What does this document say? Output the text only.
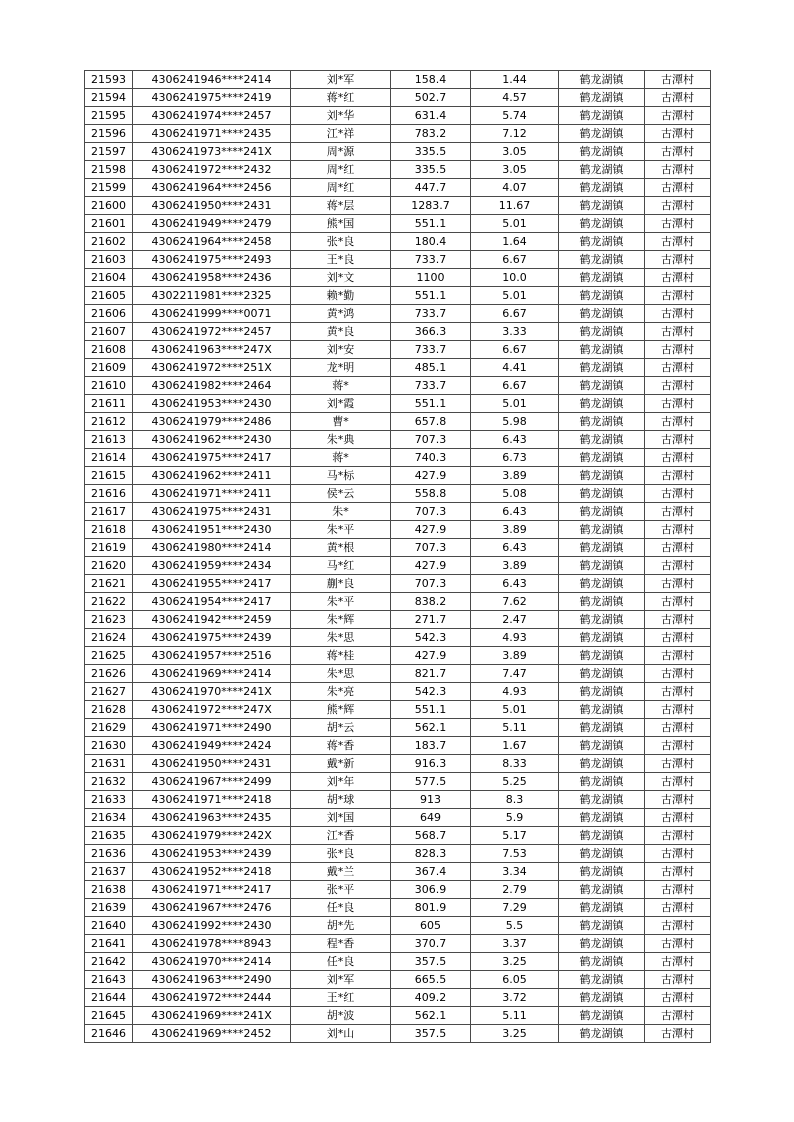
21593	4306241946****2414	刘*军	158.4	1.44	鹤龙湖镇	古潭村
21594	4306241975****2419	蒋*红	502.7	4.57	鹤龙湖镇	古潭村
21595	4306241974****2457	刘*华	631.4	5.74	鹤龙湖镇	古潭村
21596	4306241971****2435	江*祥	783.2	7.12	鹤龙湖镇	古潭村
21597	4306241973****241X	周*源	335.5	3.05	鹤龙湖镇	古潭村
21598	4306241972****2432	周*红	335.5	3.05	鹤龙湖镇	古潭村
21599	4306241964****2456	周*红	447.7	4.07	鹤龙湖镇	古潭村
21600	4306241950****2431	蒋*层	1283.7	11.67	鹤龙湖镇	古潭村
21601	4306241949****2479	熊*国	551.1	5.01	鹤龙湖镇	古潭村
21602	4306241964****2458	张*良	180.4	1.64	鹤龙湖镇	古潭村
21603	4306241975****2493	王*良	733.7	6.67	鹤龙湖镇	古潭村
21604	4306241958****2436	刘*文	1100	10.0	鹤龙湖镇	古潭村
21605	4302211981****2325	赖*勤	551.1	5.01	鹤龙湖镇	古潭村
21606	4306241999****0071	黄*鸿	733.7	6.67	鹤龙湖镇	古潭村
21607	4306241972****2457	黄*良	366.3	3.33	鹤龙湖镇	古潭村
21608	4306241963****247X	刘*安	733.7	6.67	鹤龙湖镇	古潭村
21609	4306241972****251X	龙*明	485.1	4.41	鹤龙湖镇	古潭村
21610	4306241982****2464	蒋*	733.7	6.67	鹤龙湖镇	古潭村
21611	4306241953****2430	刘*霞	551.1	5.01	鹤龙湖镇	古潭村
21612	4306241979****2486	曹*	657.8	5.98	鹤龙湖镇	古潭村
21613	4306241962****2430	朱*典	707.3	6.43	鹤龙湖镇	古潭村
21614	4306241975****2417	蒋*	740.3	6.73	鹤龙湖镇	古潭村
21615	4306241962****2411	马*标	427.9	3.89	鹤龙湖镇	古潭村
21616	4306241971****2411	侯*云	558.8	5.08	鹤龙湖镇	古潭村
21617	4306241975****2431	朱*	707.3	6.43	鹤龙湖镇	古潭村
21618	4306241951****2430	朱*平	427.9	3.89	鹤龙湖镇	古潭村
21619	4306241980****2414	黄*根	707.3	6.43	鹤龙湖镇	古潭村
21620	4306241959****2434	马*红	427.9	3.89	鹤龙湖镇	古潭村
21621	4306241955****2417	蒯*良	707.3	6.43	鹤龙湖镇	古潭村
21622	4306241954****2417	朱*平	838.2	7.62	鹤龙湖镇	古潭村
21623	4306241942****2459	朱*辉	271.7	2.47	鹤龙湖镇	古潭村
21624	4306241975****2439	朱*思	542.3	4.93	鹤龙湖镇	古潭村
21625	4306241957****2516	蒋*桂	427.9	3.89	鹤龙湖镇	古潭村
21626	4306241969****2414	朱*思	821.7	7.47	鹤龙湖镇	古潭村
21627	4306241970****241X	朱*亮	542.3	4.93	鹤龙湖镇	古潭村
21628	4306241972****247X	熊*辉	551.1	5.01	鹤龙湖镇	古潭村
21629	4306241971****2490	胡*云	562.1	5.11	鹤龙湖镇	古潭村
21630	4306241949****2424	蒋*香	183.7	1.67	鹤龙湖镇	古潭村
21631	4306241950****2431	戴*新	916.3	8.33	鹤龙湖镇	古潭村
21632	4306241967****2499	刘*年	577.5	5.25	鹤龙湖镇	古潭村
21633	4306241971****2418	胡*球	913	8.3	鹤龙湖镇	古潭村
21634	4306241963****2435	刘*国	649	5.9	鹤龙湖镇	古潭村
21635	4306241979****242X	江*香	568.7	5.17	鹤龙湖镇	古潭村
21636	4306241953****2439	张*良	828.3	7.53	鹤龙湖镇	古潭村
21637	4306241952****2418	戴*兰	367.4	3.34	鹤龙湖镇	古潭村
21638	4306241971****2417	张*平	306.9	2.79	鹤龙湖镇	古潭村
21639	4306241967****2476	任*良	801.9	7.29	鹤龙湖镇	古潭村
21640	4306241992****2430	胡*先	605	5.5	鹤龙湖镇	古潭村
21641	4306241978****8943	程*香	370.7	3.37	鹤龙湖镇	古潭村
21642	4306241970****2414	任*良	357.5	3.25	鹤龙湖镇	古潭村
21643	4306241963****2490	刘*军	665.5	6.05	鹤龙湖镇	古潭村
21644	4306241972****2444	王*红	409.2	3.72	鹤龙湖镇	古潭村
21645	4306241969****241X	胡*波	562.1	5.11	鹤龙湖镇	古潭村
21646	4306241969****2452	刘*山	357.5	3.25	鹤龙湖镇	古潭村
